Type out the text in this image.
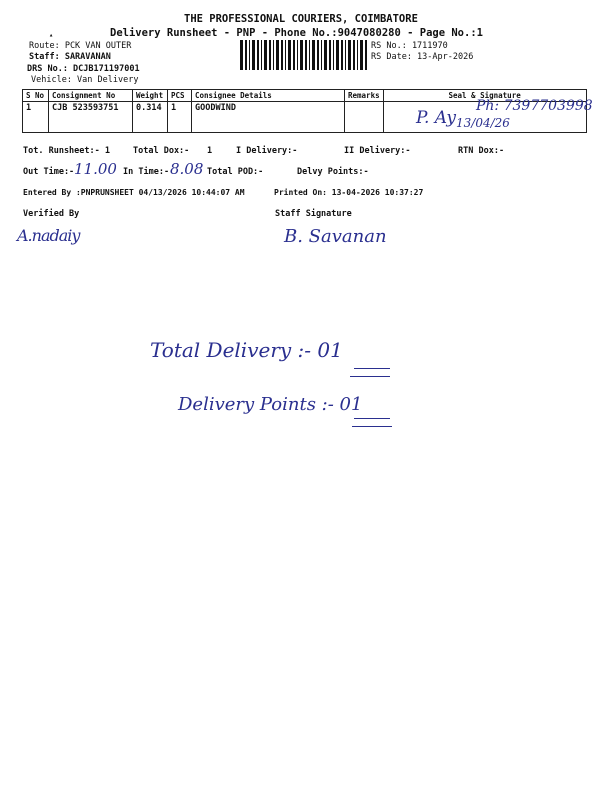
THE PROFESSIONAL COURIERS, COIMBATORE
Delivery Runsheet - PNP - Phone No.:9047080280 - Page No.:1
▴
Route: PCK VAN OUTER
Staff: SARAVANAN
DRS No.: DCJB171197001
Vehicle: Van Delivery
RS No.: 1711970
RS Date: 13-Apr-2026
S No	Consignment No	Weight	PCS	Consignee Details	Remarks	Seal & Signature
1	CJB 523593751	0.314	1	GOODWIND			Ph: 7397703998
P. Ay 13/04/26
Tot. Runsheet:- 1	Total Dox:- 1	I Delivery:-	II Delivery:-	RTN Dox:-
Out Time:- 11.00 In Time:- 8.08 Total POD:-	Delvy Points:-
Entered By :PNPRUNSHEET 04/13/2026 10:44:07 AM	Printed On: 13-04-2026 10:37:27
Verified By	Staff Signature
A.nadaiy	B. Savanan
Total Delivery :- 01
Delivery Points :- 01
